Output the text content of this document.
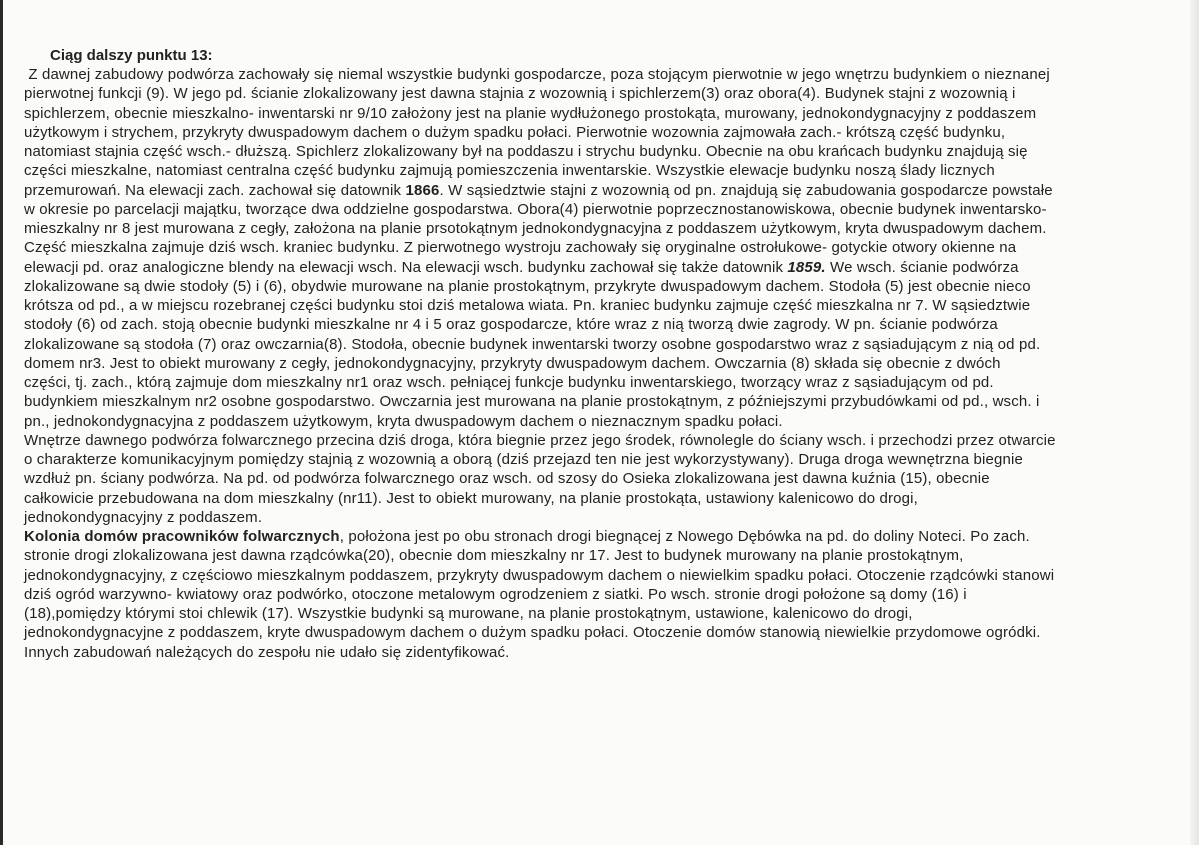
Ciąg dalszy punktu 13:
Z dawnej zabudowy podwórza zachowały się niemal wszystkie budynki gospodarcze, poza stojącym pierwotnie w jego wnętrzu budynkiem o nieznanej
pierwotnej funkcji (9). W jego pd. ścianie zlokalizowany jest dawna stajnia z wozownią i spichlerzem(3) oraz obora(4). Budynek stajni z wozownią i
spichlerzem, obecnie mieszkalno- inwentarski nr 9/10 założony jest na planie wydłużonego prostokąta, murowany, jednokondygnacyjny z poddaszem
użytkowym i strychem, przykryty dwuspadowym dachem o dużym spadku połaci. Pierwotnie wozownia zajmowała zach.- krótszą część budynku,
natomiast stajnia część wsch.- dłuższą. Spichlerz zlokalizowany był na poddaszu i strychu budynku. Obecnie na obu krańcach budynku znajdują się
części mieszkalne, natomiast centralna część budynku zajmują pomieszczenia inwentarskie. Wszystkie elewacje budynku noszą ślady licznych
przemurowań. Na elewacji zach. zachował się datownik 1866. W sąsiedztwie stajni z wozownią od pn. znajdują się zabudowania gospodarcze powstałe
w okresie po parcelacji majątku, tworzące dwa oddzielne gospodarstwa. Obora(4) pierwotnie poprzecznostanowiskowa, obecnie budynek inwentarsko-
mieszkalny nr 8 jest murowana z cegły, założona na planie prsotokątnym jednokondygnacyjna z poddaszem użytkowym, kryta dwuspadowym dachem.
Część mieszkalna zajmuje dziś wsch. kraniec budynku. Z pierwotnego wystroju zachowały się oryginalne ostrołukowe- gotyckie otwory okienne na
elewacji pd. oraz analogiczne blendy na elewacji wsch. Na elewacji wsch. budynku zachował się także datownik 1859. We wsch. ścianie podwórza
zlokalizowane są dwie stodoły (5) i (6), obydwie murowane na planie prostokątnym, przykryte dwuspadowym dachem. Stodoła (5) jest obecnie nieco
krótsza od pd., a w miejscu rozebranej części budynku stoi dziś metalowa wiata. Pn. kraniec budynku zajmuje część mieszkalna nr 7. W sąsiedztwie
stodoły (6) od zach. stoją obecnie budynki mieszkalne nr 4 i 5 oraz gospodarcze, które wraz z nią tworzą dwie zagrody. W pn. ścianie podwórza
zlokalizowane są stodoła (7) oraz owczarnia(8). Stodoła, obecnie budynek inwentarski tworzy osobne gospodarstwo wraz z sąsiadującym z nią od pd.
domem nr3. Jest to obiekt murowany z cegły, jednokondygnacyjny, przykryty dwuspadowym dachem. Owczarnia (8) składa się obecnie z dwóch
części, tj. zach., którą zajmuje dom mieszkalny nr1 oraz wsch. pełniącej funkcje budynku inwentarskiego, tworzący wraz z sąsiadującym od pd.
budynkiem mieszkalnym nr2 osobne gospodarstwo. Owczarnia jest murowana na planie prostokątnym, z późniejszymi przybudówkami od pd., wsch. i
pn., jednokondygnacyjna z poddaszem użytkowym, kryta dwuspadowym dachem o nieznacznym spadku połaci.
Wnętrze dawnego podwórza folwarcznego przecina dziś droga, która biegnie przez jego środek, równolegle do ściany wsch. i przechodzi przez otwarcie
o charakterze komunikacyjnym pomiędzy stajnią z wozownią a oborą (dziś przejazd ten nie jest wykorzystywany). Druga droga wewnętrzna biegnie
wzdłuż pn. ściany podwórza. Na pd. od podwórza folwarcznego oraz wsch. od szosy do Osieka zlokalizowana jest dawna kuźnia (15), obecnie
całkowicie przebudowana na dom mieszkalny (nr11). Jest to obiekt murowany, na planie prostokąta, ustawiony kalenicowo do drogi,
jednokondygnacyjny z poddaszem.
Kolonia domów pracowników folwarcznych, położona jest po obu stronach drogi biegnącej z Nowego Dębówka na pd. do doliny Noteci. Po zach.
stronie drogi zlokalizowana jest dawna rządcówka(20), obecnie dom mieszkalny nr 17. Jest to budynek murowany na planie prostokątnym,
jednokondygnacyjny, z częściowo mieszkalnym poddaszem, przykryty dwuspadowym dachem o niewielkim spadku połaci. Otoczenie rządcówki stanowi
dziś ogród warzywno- kwiatowy oraz podwórko, otoczone metalowym ogrodzeniem z siatki. Po wsch. stronie drogi położone są domy (16) i
(18),pomiędzy którymi stoi chlewik (17). Wszystkie budynki są murowane, na planie prostokątnym, ustawione, kalenicowo do drogi,
jednokondygnacyjne z poddaszem, kryte dwuspadowym dachem o dużym spadku połaci. Otoczenie domów stanowią niewielkie przydomowe ogródki.
Innych zabudowań należących do zespołu nie udało się zidentyfikować.
